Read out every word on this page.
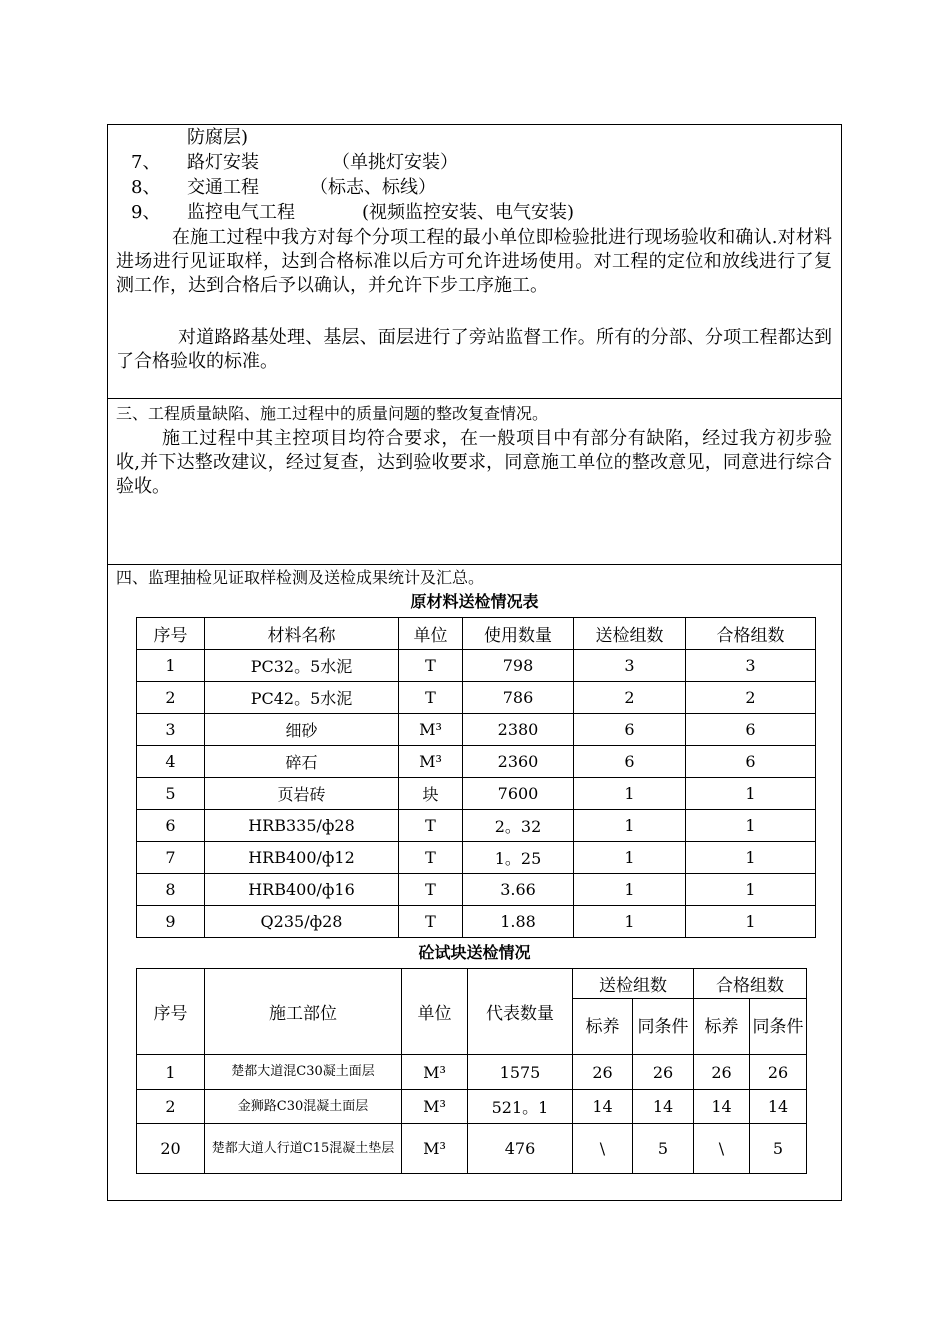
防腐层)
7、 路灯安装	（单挑灯安装）
8、 交通工程	（标志、标线）
9、 监控电气工程	(视频监控安装、电气安装)
在施工过程中我方对每个分项工程的最小单位即检验批进行现场验收和确认.对材料进场进行见证取样，达到合格标准以后方可允许进场使用。对工程的定位和放线进行了复测工作，达到合格后予以确认，并允许下步工序施工。
对道路路基处理、基层、面层进行了旁站监督工作。所有的分部、分项工程都达到了合格验收的标准。
三、工程质量缺陷、施工过程中的质量问题的整改复查情况。
施工过程中其主控项目均符合要求，在一般项目中有部分有缺陷，经过我方初步验收,并下达整改建议，经过复查，达到验收要求，同意施工单位的整改意见，同意进行综合验收。
四、监理抽检见证取样检测及送检成果统计及汇总。
原材料送检情况表
序号	材料名称	单位	使用数量	送检组数	合格组数
1	PC32。5水泥	T	798	3	3
2	PC42。5水泥	T	786	2	2
3	细砂	M³	2380	6	6
4	碎石	M³	2360	6	6
5	页岩砖	块	7600	1	1
6	HRB335/ф28	T	2。32	1	1
7	HRB400/ф12	T	1。25	1	1
8	HRB400/ф16	T	3.66	1	1
9	Q235/ф28	T	1.88	1	1
砼试块送检情况
序号	施工部位	单位	代表数量	送检组数		合格组数	
				标养	同条件	标养	同条件
1	楚都大道混C30凝土面层	M³	1575	26	26	26	26
2	金狮路C30混凝土面层	M³	521。1	14	14	14	14
20	楚都大道人行道C15混凝土垫层	M³	476	\	5	\	5
